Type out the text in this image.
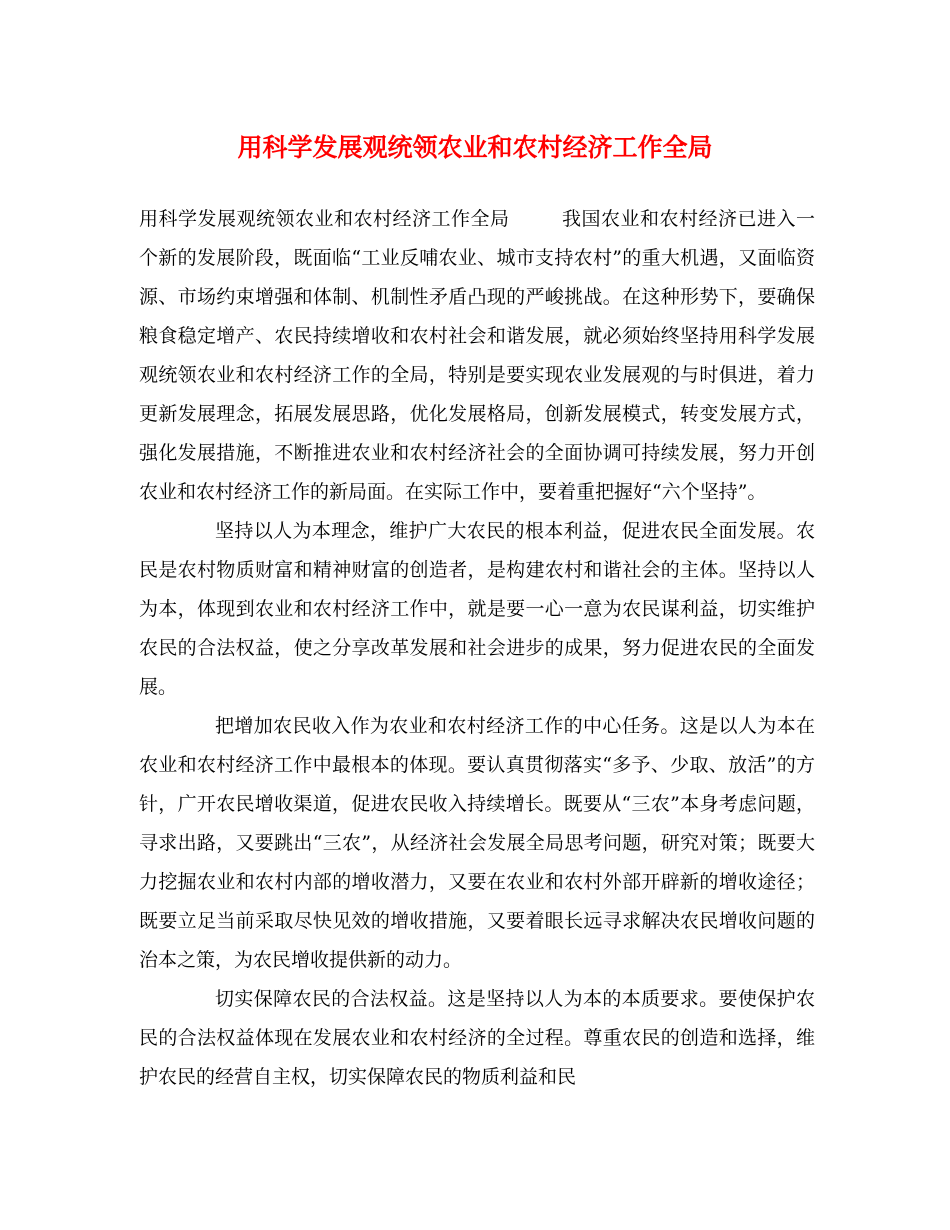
用科学发展观统领农业和农村经济工作全局

用科学发展观统领农业和农村经济工作全局	我国农业和农村经济已进入一个新的发展阶段，既面临“工业反哺农业、城市支持农村”的重大机遇，又面临资源、市场约束增强和体制、机制性矛盾凸现的严峻挑战。在这种形势下，要确保粮食稳定增产、农民持续增收和农村社会和谐发展，就必须始终坚持用科学发展观统领农业和农村经济工作的全局，特别是要实现农业发展观的与时俱进，着力更新发展理念，拓展发展思路，优化发展格局，创新发展模式，转变发展方式，强化发展措施，不断推进农业和农村经济社会的全面协调可持续发展，努力开创农业和农村经济工作的新局面。在实际工作中，要着重把握好“六个坚持”。

坚持以人为本理念，维护广大农民的根本利益，促进农民全面发展。农民是农村物质财富和精神财富的创造者，是构建农村和谐社会的主体。坚持以人为本，体现到农业和农村经济工作中，就是要一心一意为农民谋利益，切实维护农民的合法权益，使之分享改革发展和社会进步的成果，努力促进农民的全面发展。

把增加农民收入作为农业和农村经济工作的中心任务。这是以人为本在农业和农村经济工作中最根本的体现。要认真贯彻落实“多予、少取、放活”的方针，广开农民增收渠道，促进农民收入持续增长。既要从“三农”本身考虑问题，寻求出路，又要跳出“三农”，从经济社会发展全局思考问题，研究对策；既要大力挖掘农业和农村内部的增收潜力，又要在农业和农村外部开辟新的增收途径；既要立足当前采取尽快见效的增收措施，又要着眼长远寻求解决农民增收问题的治本之策，为农民增收提供新的动力。

切实保障农民的合法权益。这是坚持以人为本的本质要求。要使保护农民的合法权益体现在发展农业和农村经济的全过程。尊重农民的创造和选择，维护农民的经营自主权，切实保障农民的物质利益和民
